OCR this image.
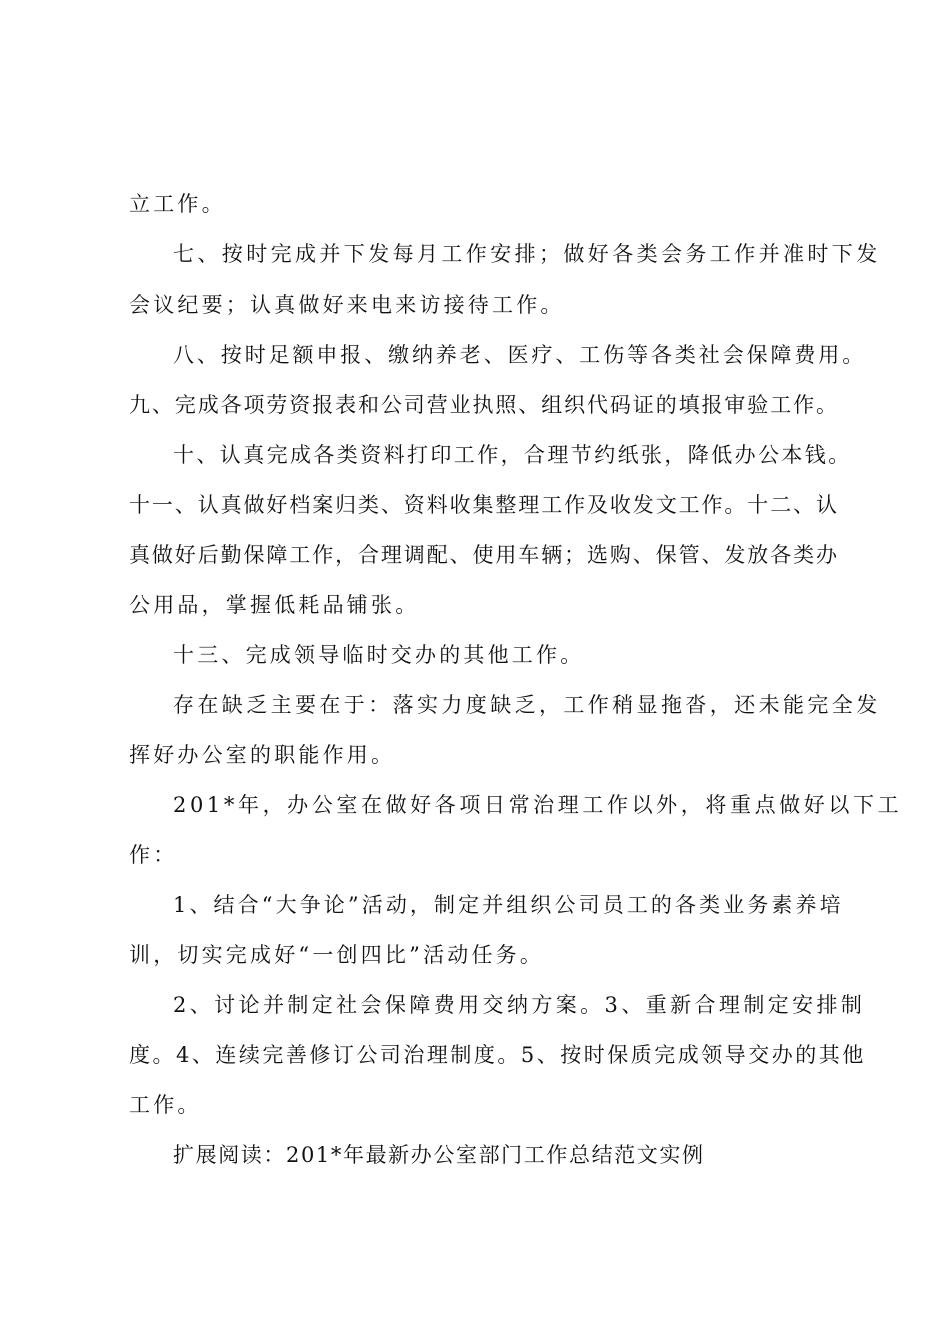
立工作。
七、按时完成并下发每月工作安排；做好各类会务工作并准时下发
会议纪要；认真做好来电来访接待工作。
八、按时足额申报、缴纳养老、医疗、工伤等各类社会保障费用。
九、完成各项劳资报表和公司营业执照、组织代码证的填报审验工作。
十、认真完成各类资料打印工作，合理节约纸张，降低办公本钱。
十一、认真做好档案归类、资料收集整理工作及收发文工作。十二、认
真做好后勤保障工作，合理调配、使用车辆；选购、保管、发放各类办
公用品，掌握低耗品铺张。
十三、完成领导临时交办的其他工作。
存在缺乏主要在于：落实力度缺乏，工作稍显拖沓，还未能完全发
挥好办公室的职能作用。
201*年，办公室在做好各项日常治理工作以外，将重点做好以下工
作：
1、结合“大争论”活动，制定并组织公司员工的各类业务素养培
训，切实完成好“一创四比”活动任务。
2、讨论并制定社会保障费用交纳方案。3、重新合理制定安排制
度。4、连续完善修订公司治理制度。5、按时保质完成领导交办的其他
工作。
扩展阅读：201*年最新办公室部门工作总结范文实例
